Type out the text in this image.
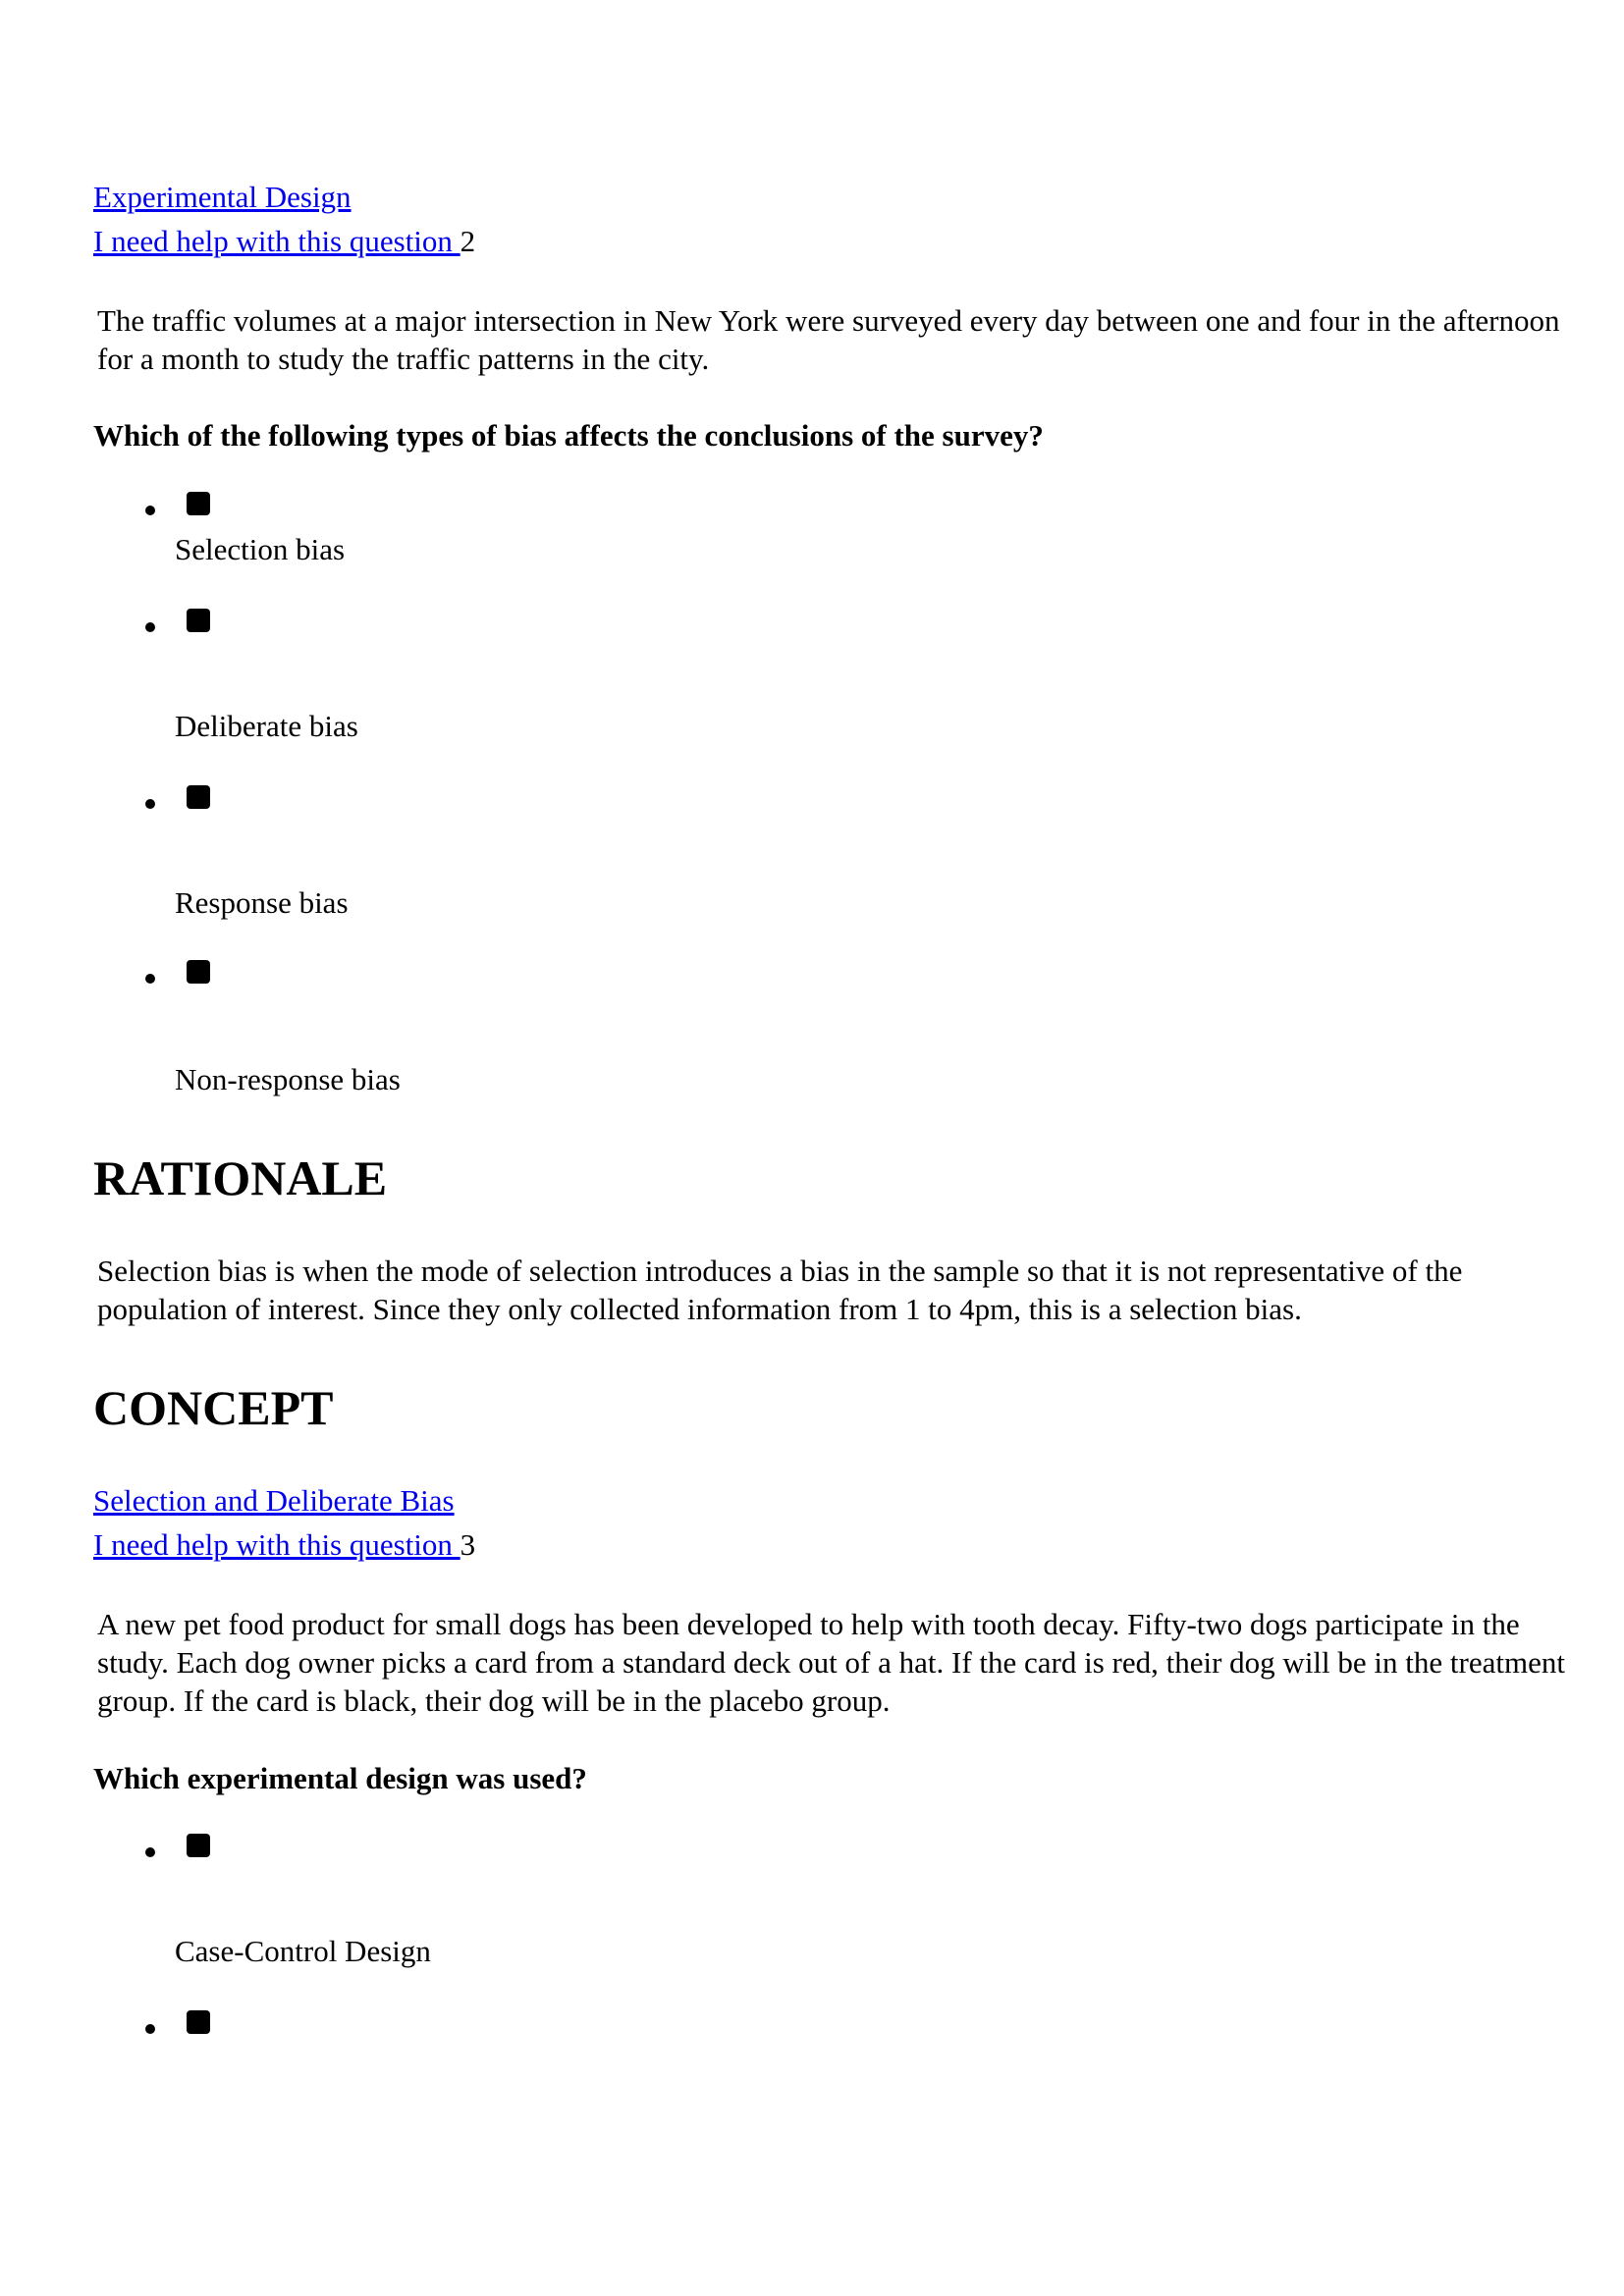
Experimental Design
I need help with this question 2
The traffic volumes at a major intersection in New York were surveyed every day between one and four in the afternoon for a month to study the traffic patterns in the city.
Which of the following types of bias affects the conclusions of the survey?
Selection bias
Deliberate bias
Response bias
Non-response bias
RATIONALE
Selection bias is when the mode of selection introduces a bias in the sample so that it is not representative of the population of interest. Since they only collected information from 1 to 4pm, this is a selection bias.
CONCEPT
Selection and Deliberate Bias
I need help with this question 3
A new pet food product for small dogs has been developed to help with tooth decay. Fifty-two dogs participate in the study. Each dog owner picks a card from a standard deck out of a hat. If the card is red, their dog will be in the treatment group. If the card is black, their dog will be in the placebo group.
Which experimental design was used?
Case-Control Design
